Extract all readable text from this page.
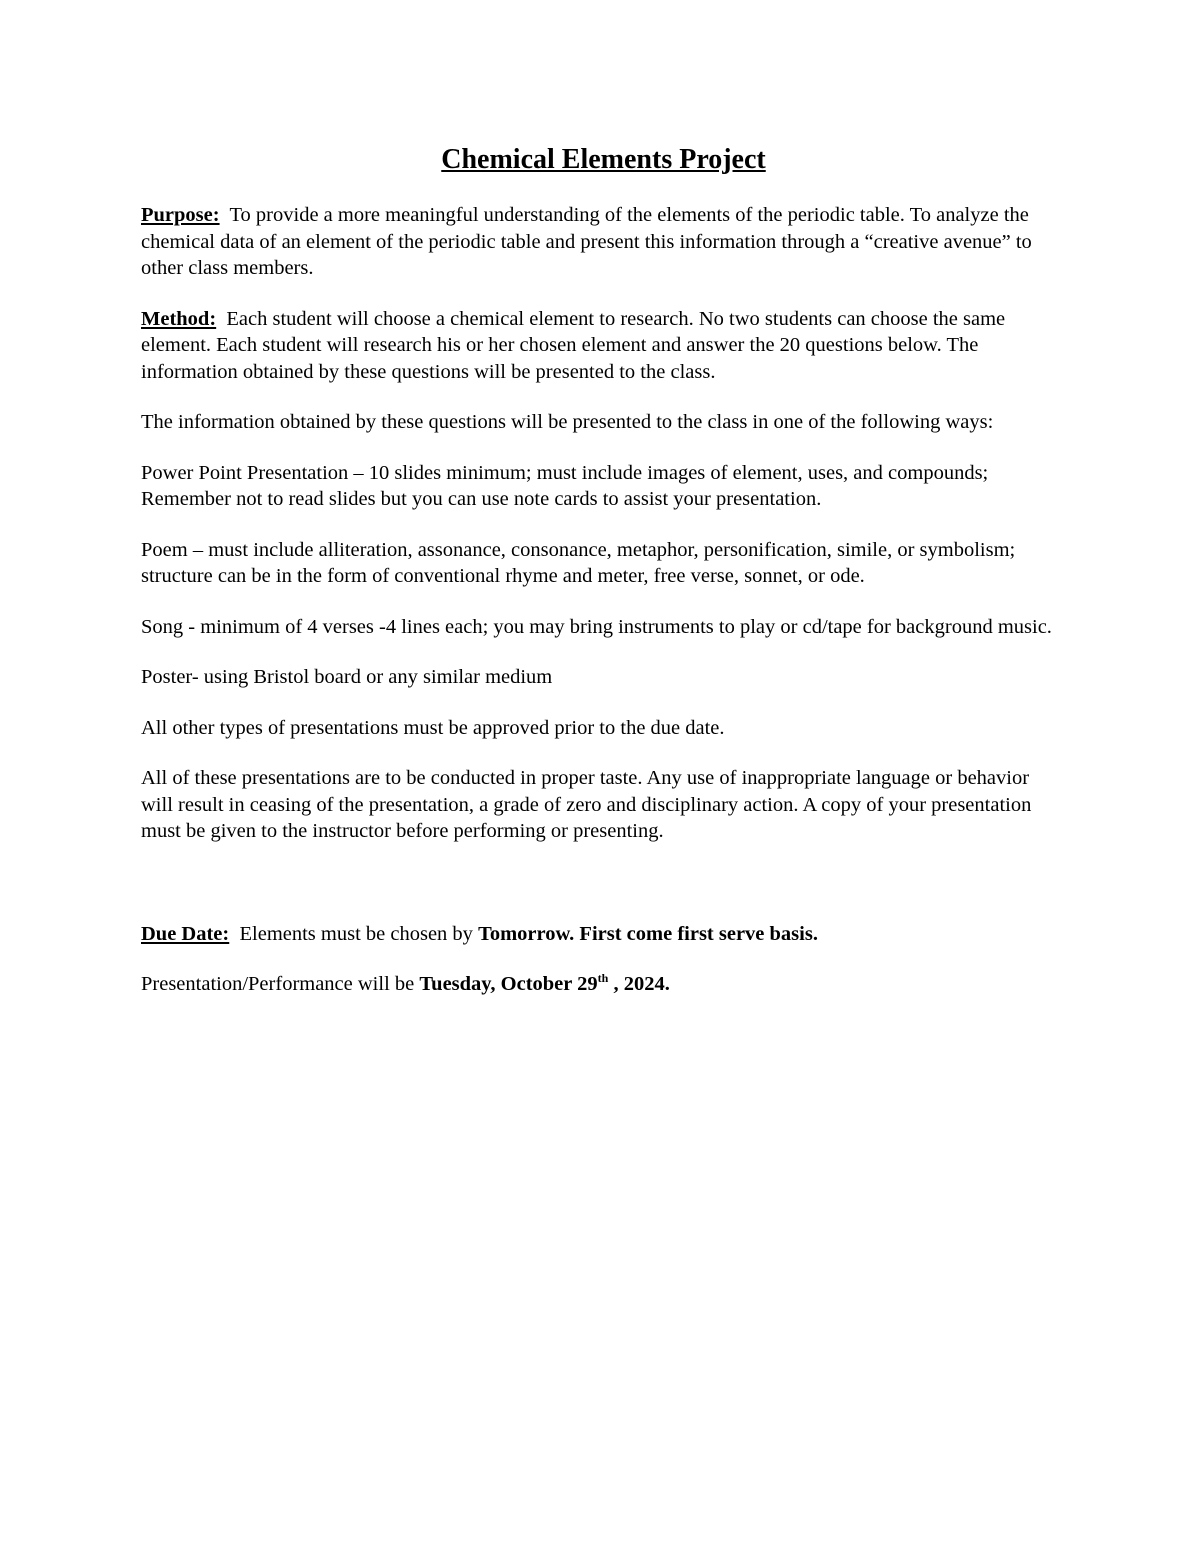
Chemical Elements Project

Purpose: To provide a more meaningful understanding of the elements of the periodic table. To analyze the chemical data of an element of the periodic table and present this information through a “creative avenue” to other class members.

Method: Each student will choose a chemical element to research. No two students can choose the same element. Each student will research his or her chosen element and answer the 20 questions below. The information obtained by these questions will be presented to the class.

The information obtained by these questions will be presented to the class in one of the following ways:

Power Point Presentation – 10 slides minimum; must include images of element, uses, and compounds; Remember not to read slides but you can use note cards to assist your presentation.

Poem – must include alliteration, assonance, consonance, metaphor, personification, simile, or symbolism; structure can be in the form of conventional rhyme and meter, free verse, sonnet, or ode.

Song - minimum of 4 verses -4 lines each; you may bring instruments to play or cd/tape for background music.

Poster- using Bristol board or any similar medium

All other types of presentations must be approved prior to the due date.

All of these presentations are to be conducted in proper taste. Any use of inappropriate language or behavior will result in ceasing of the presentation, a grade of zero and disciplinary action. A copy of your presentation must be given to the instructor before performing or presenting.

Due Date: Elements must be chosen by Tomorrow. First come first serve basis.

Presentation/Performance will be Tuesday, October 29th , 2024.
